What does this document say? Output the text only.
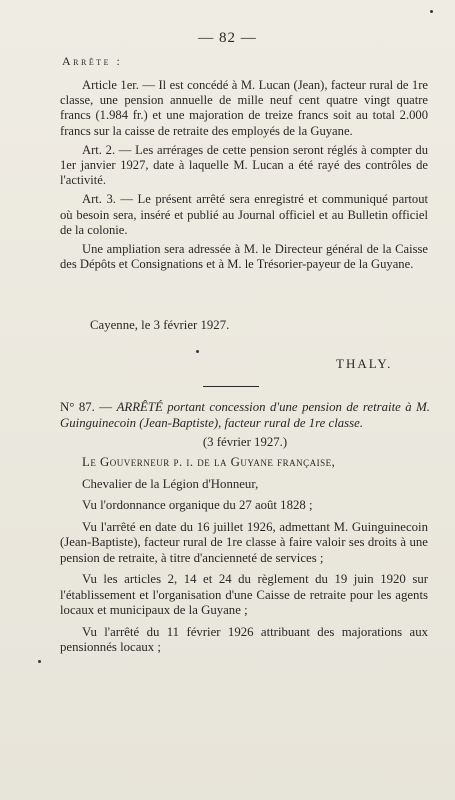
— 82 —
Arrête :

Article 1er. — Il est concédé à M. Lucan (Jean), facteur rural de 1re classe, une pension annuelle de mille neuf cent quatre vingt quatre francs (1.984 fr.) et une majoration de treize francs soit au total 2.000 francs sur la caisse de retraite des employés de la Guyane.

Art. 2. — Les arrérages de cette pension seront réglés à compter du 1er janvier 1927, date à laquelle M. Lucan a été rayé des contrôles de l'activité.

Art. 3. — Le présent arrêté sera enregistré et communiqué partout où besoin sera, inséré et publié au Journal officiel et au Bulletin officiel de la colonie.

Une ampliation sera adressée à M. le Directeur général de la Caisse des Dépôts et Consignations et à M. le Trésorier-payeur de la Guyane.

Cayenne, le 3 février 1927.
THALY.
N° 87. — ARRÊTÉ portant concession d'une pension de retraite à M. Guinguinecoin (Jean-Baptiste), facteur rural de 1re classe.
(3 février 1927.)

Le Gouverneur p. i. de la Guyane française,

Chevalier de la Légion d'Honneur,

Vu l'ordonnance organique du 27 août 1828 ;

Vu l'arrêté en date du 16 juillet 1926, admettant M. Guinguinecoin (Jean-Baptiste), facteur rural de 1re classe à faire valoir ses droits à une pension de retraite, à titre d'ancienneté de services ;

Vu les articles 2, 14 et 24 du règlement du 19 juin 1920 sur l'établissement et l'organisation d'une Caisse de retraite pour les agents locaux et municipaux de la Guyane ;

Vu l'arrêté du 11 février 1926 attribuant des majorations aux pensionnés locaux ;
